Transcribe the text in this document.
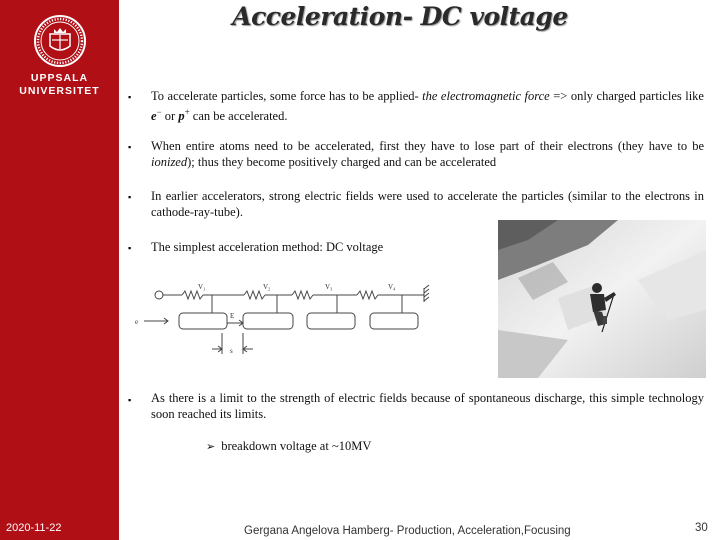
UPPSALA
UNIVERSITET
2020-11-22
Acceleration- DC voltage
▪ To accelerate particles, some force has to be applied- the electromagnetic force => only charged particles like e− or p+ can be accelerated.
▪ When entire atoms need to be accelerated, first they have to lose part of their electrons (they have to be ionized); thus they become positively charged and can be accelerated
▪ In earlier accelerators, strong electric fields were used to accelerate the particles (similar to the electrons in cathode-ray-tube).
▪ The simplest acceleration method: DC voltage
V₁	V₂	V₃	V₄
e
E
s
▪ As there is a limit to the strength of electric fields because of spontaneous discharge, this simple technology soon reached its limits.
➢ breakdown voltage at ~10MV
Gergana Angelova Hamberg- Production, Acceleration,Focusing	30
